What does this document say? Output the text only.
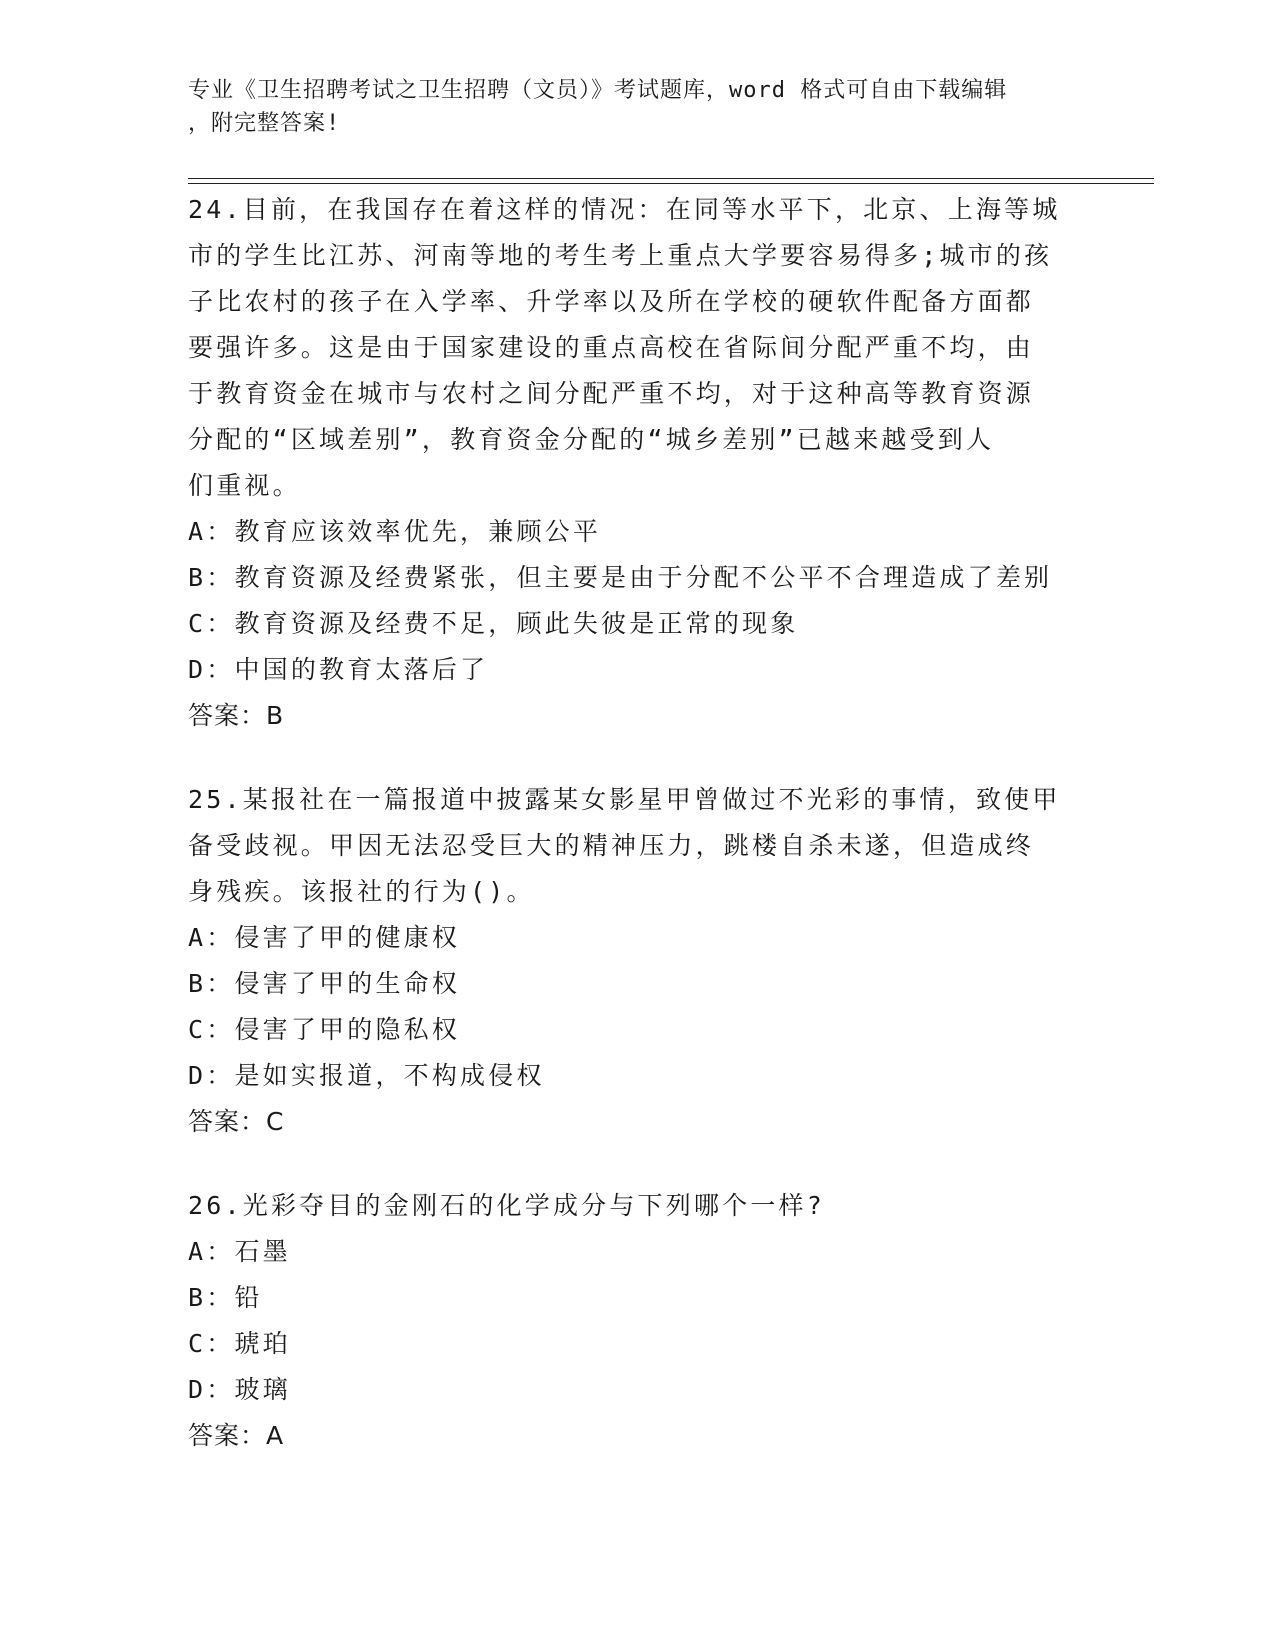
专业《卫生招聘考试之卫生招聘（文员）》考试题库，word 格式可自由下载编辑
，附完整答案!
24.目前，在我国存在着这样的情况：在同等水平下，北京、上海等城
市的学生比江苏、河南等地的考生考上重点大学要容易得多;城市的孩
子比农村的孩子在入学率、升学率以及所在学校的硬软件配备方面都
要强许多。这是由于国家建设的重点高校在省际间分配严重不均，由
于教育资金在城市与农村之间分配严重不均，对于这种高等教育资源
分配的“区域差别”，教育资金分配的“城乡差别”已越来越受到人
们重视。
A：教育应该效率优先，兼顾公平
B：教育资源及经费紧张，但主要是由于分配不公平不合理造成了差别
C：教育资源及经费不足，顾此失彼是正常的现象
D：中国的教育太落后了
答案：B
25.某报社在一篇报道中披露某女影星甲曾做过不光彩的事情，致使甲
备受歧视。甲因无法忍受巨大的精神压力，跳楼自杀未遂，但造成终
身残疾。该报社的行为()。
A：侵害了甲的健康权
B：侵害了甲的生命权
C：侵害了甲的隐私权
D：是如实报道，不构成侵权
答案：C
26.光彩夺目的金刚石的化学成分与下列哪个一样?
A：石墨
B：铅
C：琥珀
D：玻璃
答案：A
